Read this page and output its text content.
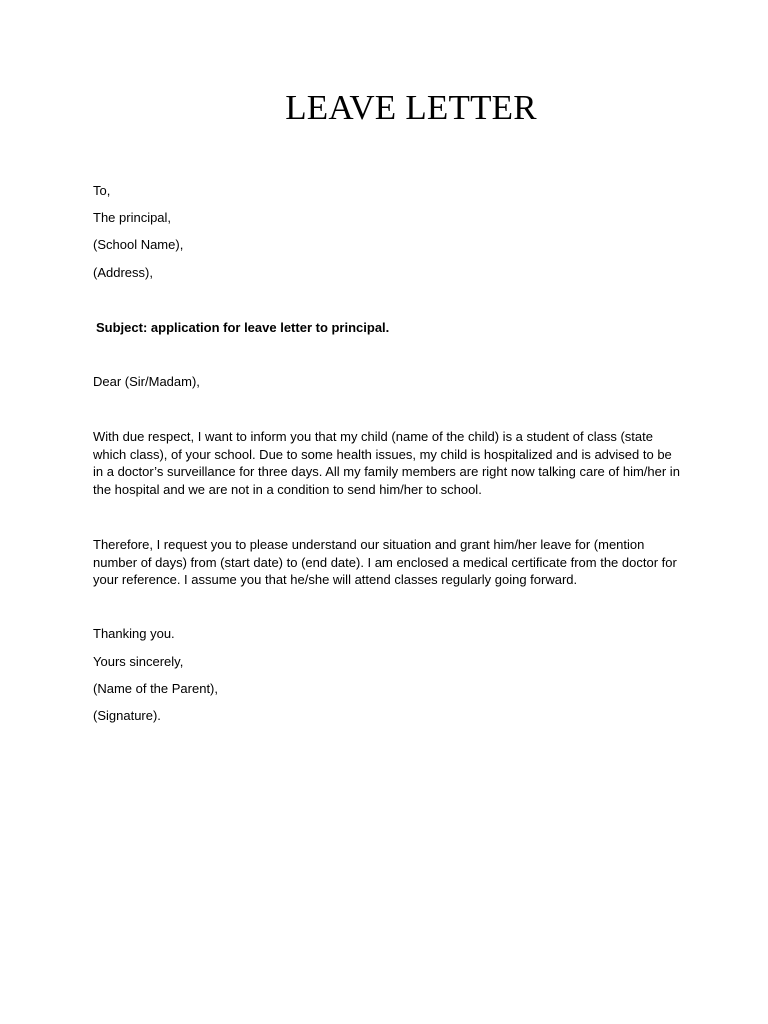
LEAVE LETTER

To,

The principal,

(School Name),

(Address),

Subject: application for leave letter to principal.

Dear (Sir/Madam),

With due respect, I want to inform you that my child (name of the child) is a student of class (state which class), of your school. Due to some health issues, my child is hospitalized and is advised to be in a doctor’s surveillance for three days. All my family members are right now talking care of him/her in the hospital and we are not in a condition to send him/her to school.

Therefore, I request you to please understand our situation and grant him/her leave for (mention number of days) from (start date) to (end date). I am enclosed a medical certificate from the doctor for your reference. I assume you that he/she will attend classes regularly going forward.

Thanking you.

Yours sincerely,

(Name of the Parent),

(Signature).
